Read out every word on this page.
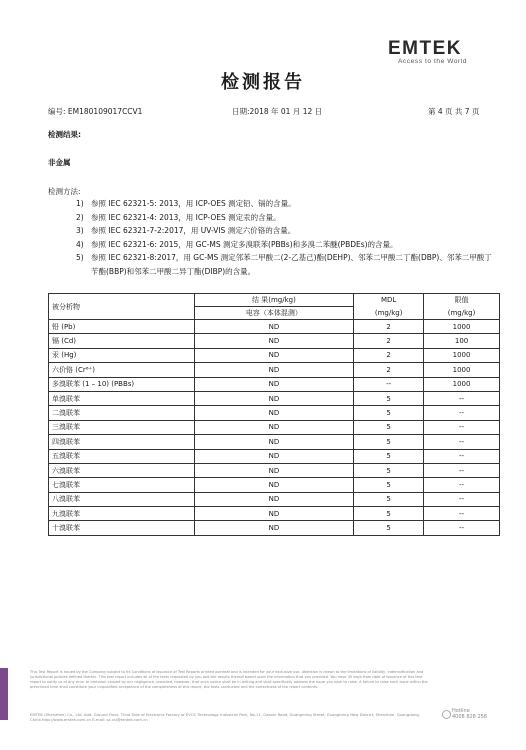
EMTEK
Access to the World
检测报告
编号: EM180109017CCV1	日期:2018 年 01 月 12 日	第 4 页 共 7 页
检测结果:
非金属
检测方法:
1) 参照 IEC 62321-5: 2013，用 ICP-OES 测定铅、镉的含量。
2) 参照 IEC 62321-4: 2013，用 ICP-OES 测定汞的含量。
3) 参照 IEC 62321-7-2:2017，用 UV-VIS 测定六价铬的含量。
4) 参照 IEC 62321-6: 2015，用 GC-MS 测定多溴联苯(PBBs)和多溴二苯醚(PBDEs)的含量。
5) 参照 IEC 62321-8:2017，用 GC-MS 测定邻苯二甲酸二(2-乙基己)酯(DEHP)、邻苯二甲酸二丁酯(DBP)、邻苯二甲酸丁苄酯(BBP)和邻苯二甲酸二异丁酯(DIBP)的含量。
被分析物	结 果(mg/kg)	MDL	限值
	电容（本体混测）	(mg/kg)	(mg/kg)
铅 (Pb)	ND	2	1000
镉 (Cd)	ND	2	100
汞 (Hg)	ND	2	1000
六价铬 (Cr⁶⁺)	ND	2	1000
多溴联苯 (1 – 10) (PBBs)	ND	--	1000
单溴联苯	ND	5	--
二溴联苯	ND	5	--
三溴联苯	ND	5	--
四溴联苯	ND	5	--
五溴联苯	ND	5	--
六溴联苯	ND	5	--
七溴联苯	ND	5	--
八溴联苯	ND	5	--
九溴联苯	ND	5	--
十溴联苯	ND	5	--
This Test Report is issued by the Company subject to its Conditions of Issuance of Test Reports printed overleaf and is intended for your exclusive use. Attention is drawn to the limitations of liability, indemnification and jurisdictional policies defined therein. This test report includes all of the tests requested by you and the results thereof based upon the information that you provided. You have 30 days from date of issuance of this test report to notify us of any error or omission caused by our negligence, provided, however, that such notice shall be in writing and shall specifically address the issue you wish to raise. A failure to raise such issue within the prescribed time shall constitute your unqualified acceptance of the completeness of this report, the tests conducted and the correctness of the report contents.
EMTEK (Shenzhen) Co., Ltd. Add: Ground Floor, Third Side of Electronic Factory of EVOC Technology Industrial Park, No.11, Gaoxin Road, Guangming Street, Guangming New District, Shenzhen, Guangdong, China http://www.emtek.com.cn E-mail: sz.csl@emtek.com.cn
Hotline
4008 828 258
